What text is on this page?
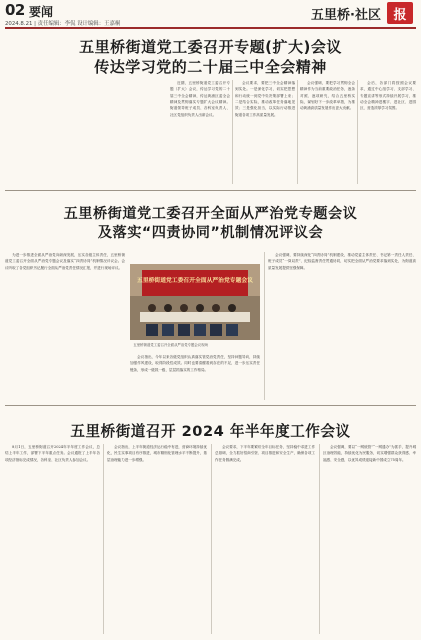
02 要闻
2024.8.21 | 责任编辑：李侃 设计编辑：王嘉桐
五里桥·社区 报
五里桥街道党工委召开专题(扩大)会议
传达学习党的二十届三中全会精神

近期，五里桥街道党工委召开专题（扩大）会议，传达学习党的二十届三中全会精神，传达黄浦区委全会精神及贯彻落实专题扩大会议精神。街道领导班子成员、各科室负责人、社区党组织负责人出席会议。

会议要求，要把三中全会精神落到实处。一是深化学习，切实把思想和行动统一到党中央决策部署上来；二是结合实际，推动改革任务落地见效；三是强化担当，以实际行动推进街道各项工作高质量发展。

会议强调，要把学习贯彻全会精神作为当前重要政治任务，逐条对照、逐项研究，结合五里桥实际，谋划好下一步改革举措，为推动黄浦高质量发展作出更大贡献。

会后，各部门将按照会议要求，通过中心组学习、支部学习、专题宣讲等形式持续开展学习，推动全会精神进楼宇、进社区、进园区，营造浓厚学习氛围。

五里桥街道党工委召开全面从严治党专题会议
及落实“四责协同”机制情况评议会

为进一步推进全面从严治党向纵深发展，压实各级主体责任，五里桥街道党工委召开全面从严治党专题会议及落实“四责协同”机制情况评议会。会议听取了各党组织书记履行全面从严治党责任情况汇报，并进行现场评议。

五里桥街道党工委召开全面从严治党专题会议
五里桥街道党工委召开全面从严治党专题会议现场

会议指出，今年以来各级党组织认真落实管党治党责任，坚持问题导向，持续加强作风建设，取得阶段性成效。同时也要清醒看到存在的不足，进一步压实责任链条，形成一级抓一级、层层抓落实的工作格局。

会议强调，要持续深化“四责协同”机制建设，推动党委主体责任、书记第一责任人责任、班子成员“一岗双责”、纪检监督责任贯通协同，切实把全面从严治党要求落到实处，为街道高质量发展提供坚强保障。

五里桥街道召开 2024 年半年度工作会议

8月1日，五里桥街道召开2024年半年度工作会议，总结上半年工作，部署下半年重点任务。会议通报了上半年各项经济指标完成情况，各科室、社区负责人参加会议。

会议指出，上半年街道经济运行稳中有进，营商环境持续优化，民生实事项目有序推进，城市精细化管理水平不断提升，基层治理能力进一步增强。

会议要求，下半年要紧盯全年目标任务，坚持稳中求进工作总基调，全力抓好招商引资、项目推进和安全生产，确保各项工作任务圆满完成。

会议强调，要以“一网统管”“一网通办”为抓手，提升城区治理效能，持续优化为民服务，切实增强群众获得感、幸福感、安全感，以优异成绩迎接新中国成立75周年。
